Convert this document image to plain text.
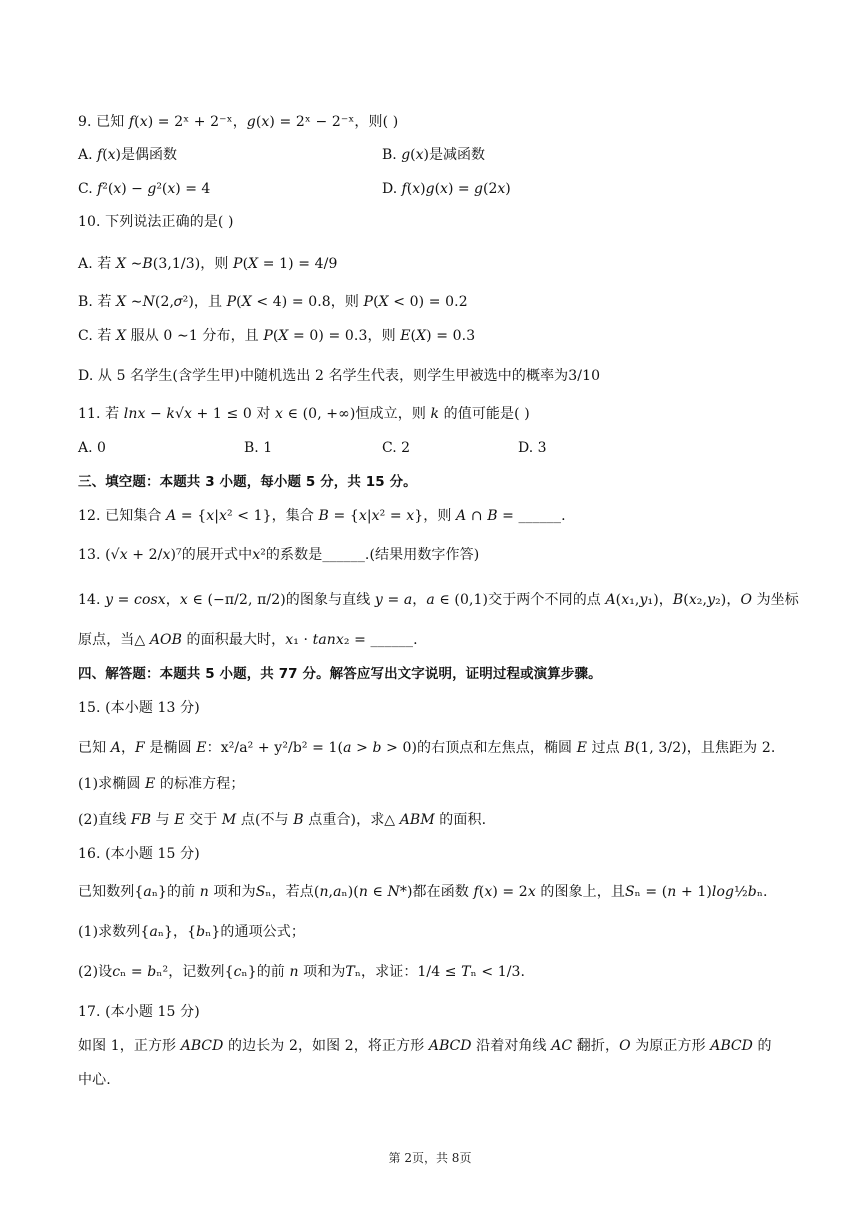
9. 已知 𝑓(𝑥) = 2ˣ + 2⁻ˣ，𝑔(𝑥) = 2ˣ − 2⁻ˣ，则( )
A. 𝑓(𝑥)是偶函数	B. 𝑔(𝑥)是减函数
C. 𝑓²(𝑥) − 𝑔²(𝑥) = 4	D. 𝑓(𝑥)𝑔(𝑥) = 𝑔(2𝑥)
10. 下列说法正确的是( )
A. 若 𝑋 ∼𝐵(3,1/3)，则 𝑃(𝑋 = 1) = 4/9
B. 若 𝑋 ∼𝑁(2,𝜎²)，且 𝑃(𝑋 < 4) = 0.8，则 𝑃(𝑋 < 0) = 0.2
C. 若 𝑋 服从 0 ∼1 分布，且 𝑃(𝑋 = 0) = 0.3，则 𝐸(𝑋) = 0.3
D. 从 5 名学生(含学生甲)中随机选出 2 名学生代表，则学生甲被选中的概率为3/10
11. 若 𝑙𝑛𝑥 − 𝑘√𝑥 + 1 ≤ 0 对 𝑥 ∈ (0, +∞)恒成立，则 𝑘 的值可能是( )
A. 0	B. 1	C. 2	D. 3
三、填空题：本题共 3 小题，每小题 5 分，共 15 分。
12. 已知集合 𝐴 = {𝑥|𝑥² < 1}，集合 𝐵 = {𝑥|𝑥² = 𝑥}，则 𝐴 ∩ 𝐵 = ______.
13. (√𝑥 + 2/𝑥)⁷的展开式中𝑥²的系数是______.(结果用数字作答)
14. 𝑦 = 𝑐𝑜𝑠𝑥，𝑥 ∈ (−π/2, π/2)的图象与直线 𝑦 = 𝑎，𝑎 ∈ (0,1)交于两个不同的点 𝐴(𝑥₁,𝑦₁)，𝐵(𝑥₂,𝑦₂)，𝑂 为坐标
原点，当△ 𝐴𝑂𝐵 的面积最大时，𝑥₁ · 𝑡𝑎𝑛𝑥₂ = ______.
四、解答题：本题共 5 小题，共 77 分。解答应写出文字说明，证明过程或演算步骤。
15. (本小题 13 分)
已知 𝐴，𝐹 是椭圆 𝐸：x²/a² + y²/b² = 1(𝑎 > 𝑏 > 0)的右顶点和左焦点，椭圆 𝐸 过点 𝐵(1, 3/2)，且焦距为 2.
(1)求椭圆 𝐸 的标准方程；
(2)直线 𝐹𝐵 与 𝐸 交于 𝑀 点(不与 𝐵 点重合)，求△ 𝐴𝐵𝑀 的面积.
16. (本小题 15 分)
已知数列{𝑎ₙ}的前 𝑛 项和为𝑆ₙ，若点(𝑛,𝑎ₙ)(𝑛 ∈ 𝑁*)都在函数 𝑓(𝑥) = 2𝑥 的图象上，且𝑆ₙ = (𝑛 + 1)𝑙𝑜𝑔½𝑏ₙ.
(1)求数列{𝑎ₙ}，{𝑏ₙ}的通项公式；
(2)设𝑐ₙ = 𝑏ₙ²，记数列{𝑐ₙ}的前 𝑛 项和为𝑇ₙ，求证：1/4 ≤ 𝑇ₙ < 1/3.
17. (本小题 15 分)
如图 1，正方形 𝐴𝐵𝐶𝐷 的边长为 2，如图 2，将正方形 𝐴𝐵𝐶𝐷 沿着对角线 𝐴𝐶 翻折，𝑂 为原正方形 𝐴𝐵𝐶𝐷 的
中心.
第 2页，共 8页
